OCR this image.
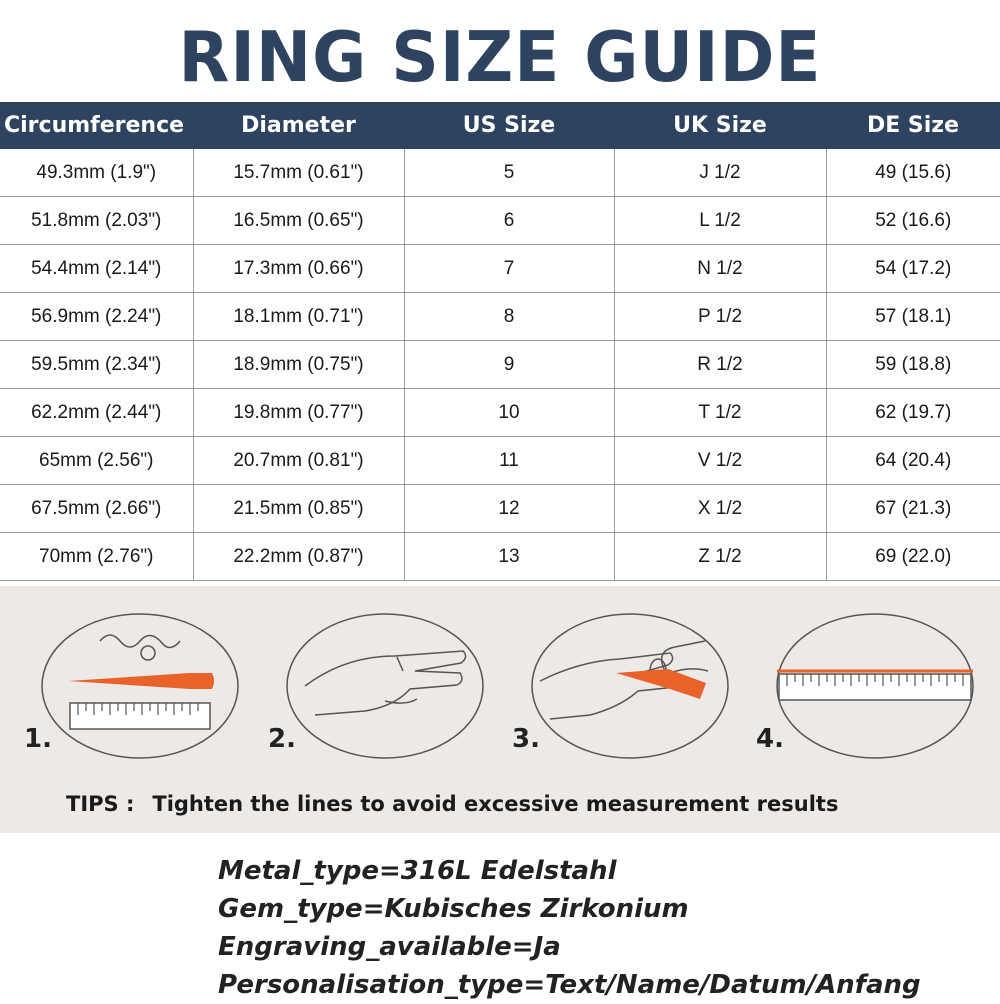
RING SIZE GUIDE
Circumference	Diameter	US Size	UK Size	DE Size
49.3mm (1.9")	15.7mm (0.61")	5	J 1/2	49 (15.6)
51.8mm (2.03")	16.5mm (0.65")	6	L 1/2	52 (16.6)
54.4mm (2.14")	17.3mm (0.66")	7	N 1/2	54 (17.2)
56.9mm (2.24")	18.1mm (0.71")	8	P 1/2	57 (18.1)
59.5mm (2.34")	18.9mm (0.75")	9	R 1/2	59 (18.8)
62.2mm (2.44")	19.8mm (0.77")	10	T 1/2	62 (19.7)
65mm (2.56")	20.7mm (0.81")	11	V 1/2	64 (20.4)
67.5mm (2.66")	21.5mm (0.85")	12	X 1/2	67 (21.3)
70mm (2.76")	22.2mm (0.87")	13	Z 1/2	69 (22.0)
1.	2.	3.	4.
TIPS : Tighten the lines to avoid excessive measurement results
Metal_type=316L Edelstahl
Gem_type=Kubisches Zirkonium
Engraving_available=Ja
Personalisation_type=Text/Name/Datum/Anfang
